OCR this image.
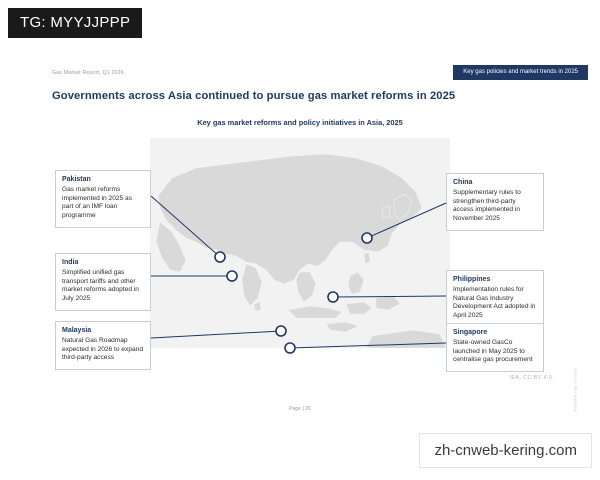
TG: MYYJJPPP
zh-cnweb-kering.com
Gas Market Report, Q1 2026	Key gas policies and market trends in 2025
Governments across Asia continued to pursue gas market reforms in 2025
Key gas market reforms and policy initiatives in Asia, 2025
Pakistan
Gas market reforms implemented in 2025 as part of an IMF loan programme
India
Simplified unified gas transport tariffs and other market reforms adopted in July 2025
Malaysia
Natural Gas Roadmap expected in 2026 to expand third-party access
China
Supplementary rules to strengthen third-party access implemented in November 2025
Philippines
Implementation rules for Natural Gas Industry Development Act adopted in April 2025
Singapore
State-owned GasCo launched in May 2025 to centralise gas procurement
IEA. CC BY 4.0.	Source: IEA analysis
Page | 26
